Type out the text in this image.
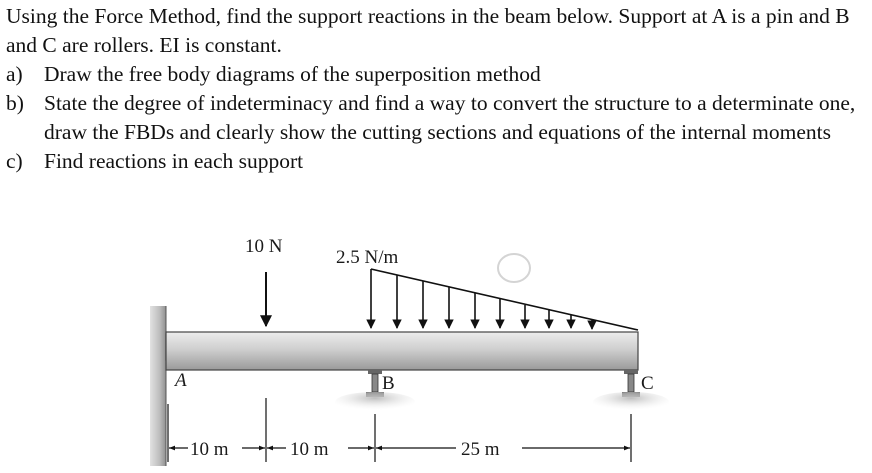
Using the Force Method, find the support reactions in the beam below. Support at A is a pin and B and C are rollers. EI is constant.

a) Draw the free body diagrams of the superposition method
b) State the degree of indeterminacy and find a way to convert the structure to a determinate one, draw the FBDs and clearly show the cutting sections and equations of the internal moments
c) Find reactions in each support
10 N
2.5 N/m
B	C
A
10 m	10 m	25 m
